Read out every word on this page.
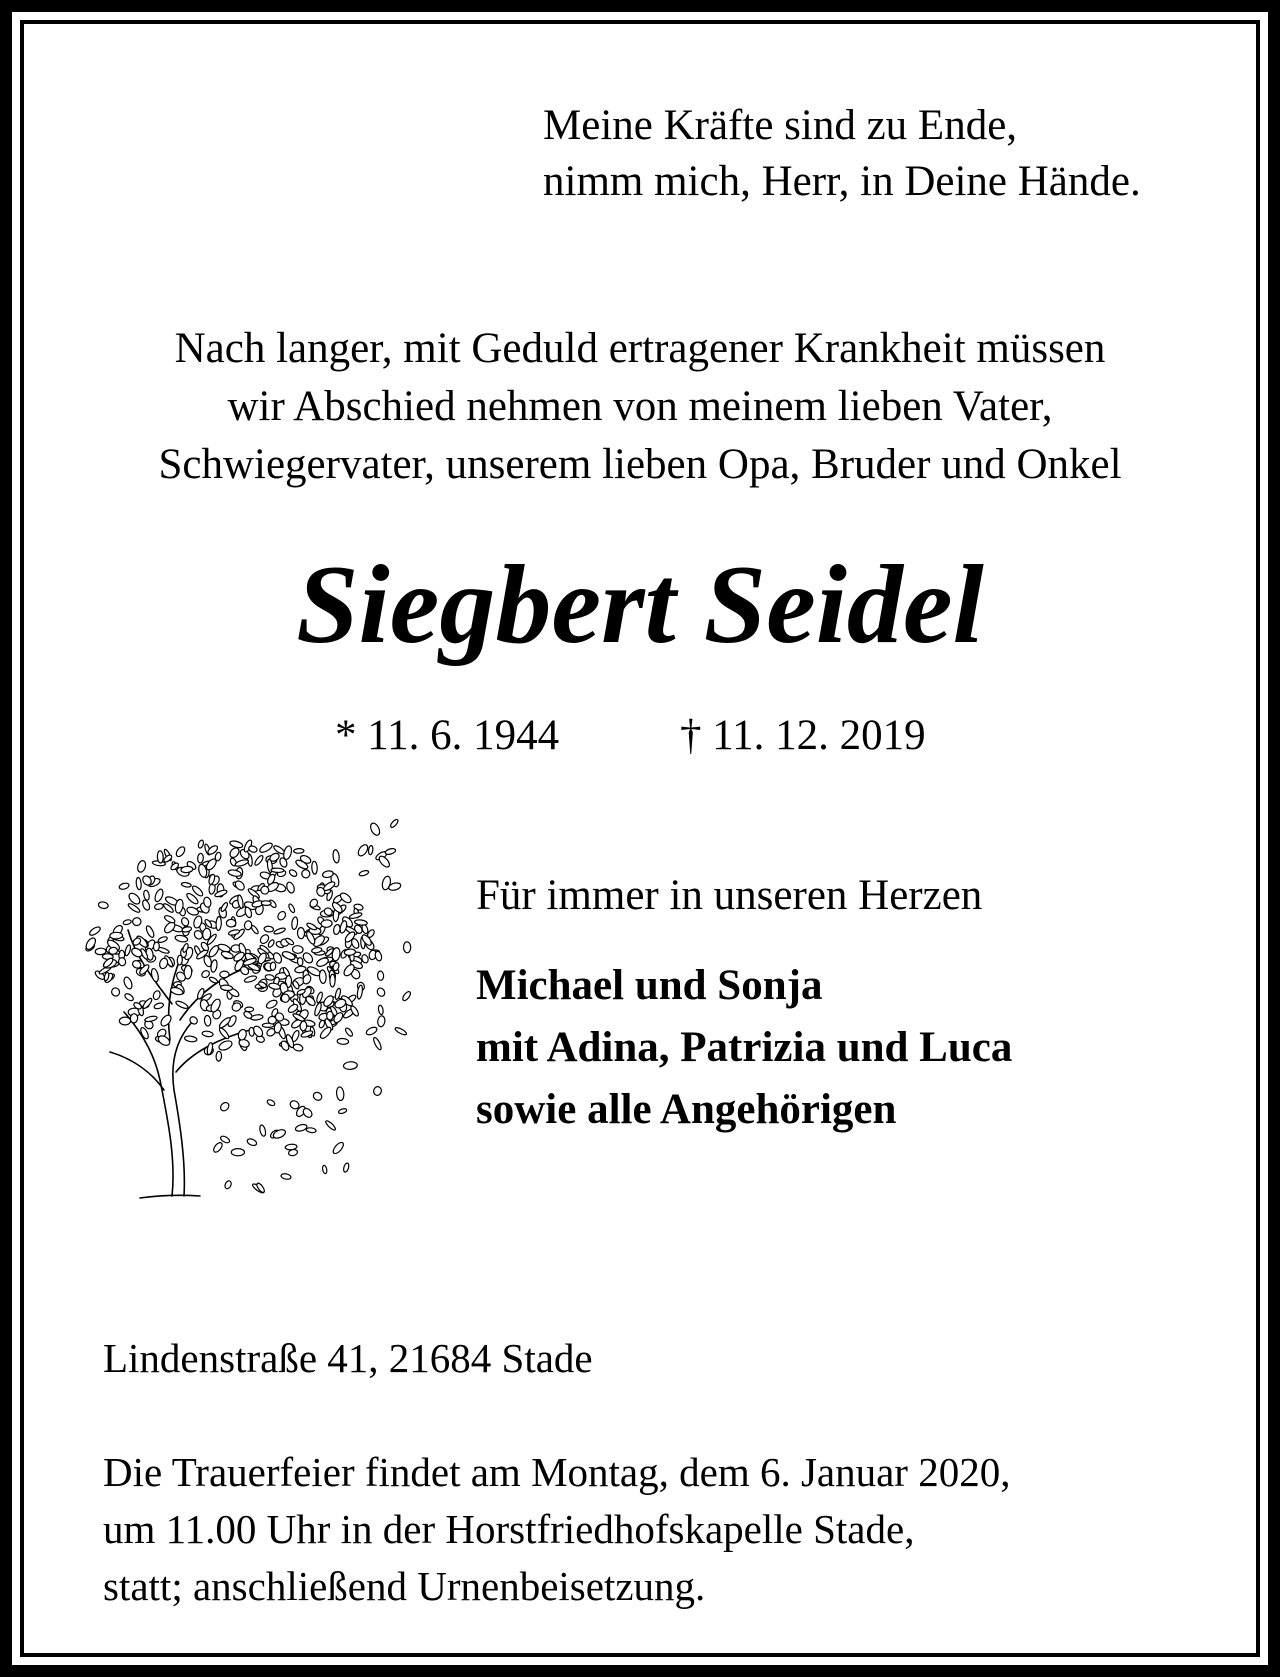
Meine Kräfte sind zu Ende,
nimm mich, Herr, in Deine Hände.
Nach langer, mit Geduld ertragener Krankheit müssen
wir Abschied nehmen von meinem lieben Vater,
Schwiegervater, unserem lieben Opa, Bruder und Onkel
Siegbert Seidel
* 11. 6. 1944	† 11. 12. 2019
Für immer in unseren Herzen
Michael und Sonja
mit Adina, Patrizia und Luca
sowie alle Angehörigen
Lindenstraße 41, 21684 Stade
Die Trauerfeier findet am Montag, dem 6. Januar 2020,
um 11.00 Uhr in der Horstfriedhofskapelle Stade,
statt; anschließend Urnenbeisetzung.
